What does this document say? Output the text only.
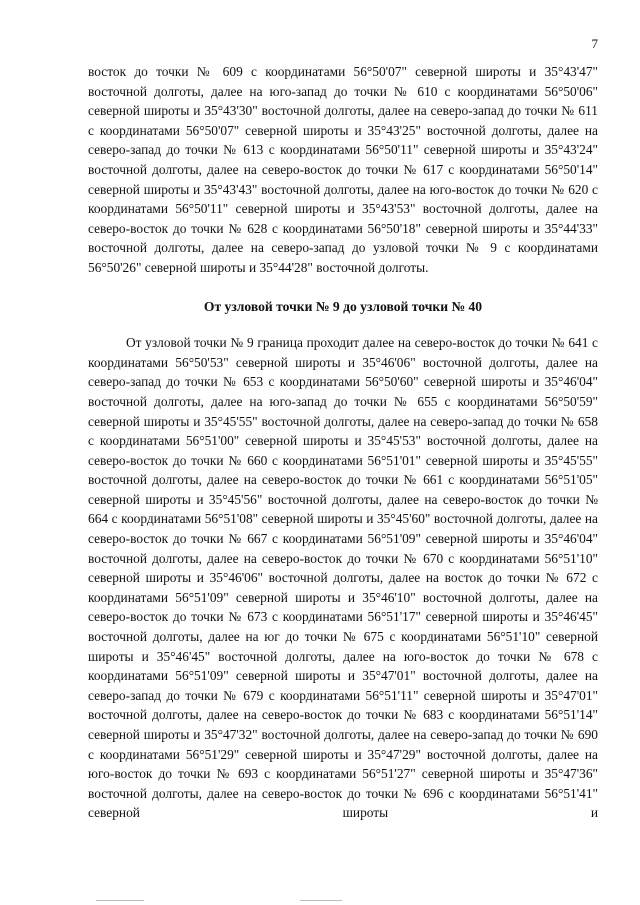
7

восток до точки № 609 с координатами 56°50'07" северной широты и 35°43'47" восточной долготы, далее на юго-запад до точки № 610 с координатами 56°50'06" северной широты и 35°43'30" восточной долготы, далее на северо-запад до точки № 611 с координатами 56°50'07" северной широты и 35°43'25" восточной долготы, далее на северо-запад до точки № 613 с координатами 56°50'11" северной широты и 35°43'24" восточной долготы, далее на северо-восток до точки № 617 с координатами 56°50'14" северной широты и 35°43'43" восточной долготы, далее на юго-восток до точки № 620 с координатами 56°50'11" северной широты и 35°43'53" восточной долготы, далее на северо-восток до точки № 628 с координатами 56°50'18" северной широты и 35°44'33" восточной долготы, далее на северо-запад до узловой точки № 9 с координатами 56°50'26" северной широты и 35°44'28" восточной долготы.

От узловой точки № 9 до узловой точки № 40

От узловой точки № 9 граница проходит далее на северо-восток до точки № 641 с координатами 56°50'53" северной широты и 35°46'06" восточной долготы, далее на северо-запад до точки № 653 с координатами 56°50'60" северной широты и 35°46'04" восточной долготы, далее на юго-запад до точки № 655 с координатами 56°50'59" северной широты и 35°45'55" восточной долготы, далее на северо-запад до точки № 658 с координатами 56°51'00" северной широты и 35°45'53" восточной долготы, далее на северо-восток до точки № 660 с координатами 56°51'01" северной широты и 35°45'55" восточной долготы, далее на северо-восток до точки № 661 с координатами 56°51'05" северной широты и 35°45'56" восточной долготы, далее на северо-восток до точки № 664 с координатами 56°51'08" северной широты и 35°45'60" восточной долготы, далее на северо-восток до точки № 667 с координатами 56°51'09" северной широты и 35°46'04" восточной долготы, далее на северо-восток до точки № 670 с координатами 56°51'10" северной широты и 35°46'06" восточной долготы, далее на восток до точки № 672 с координатами 56°51'09" северной широты и 35°46'10" восточной долготы, далее на северо-восток до точки № 673 с координатами 56°51'17" северной широты и 35°46'45" восточной долготы, далее на юг до точки № 675 с координатами 56°51'10" северной широты и 35°46'45" восточной долготы, далее на юго-восток до точки № 678 с координатами 56°51'09" северной широты и 35°47'01" восточной долготы, далее на северо-запад до точки № 679 с координатами 56°51'11" северной широты и 35°47'01" восточной долготы, далее на северо-восток до точки № 683 с координатами 56°51'14" северной широты и 35°47'32" восточной долготы, далее на северо-запад до точки № 690 с координатами 56°51'29" северной широты и 35°47'29" восточной долготы, далее на юго-восток до точки № 693 с координатами 56°51'27" северной широты и 35°47'36" восточной долготы, далее на северо-восток до точки № 696 с координатами 56°51'41" северной широты и
